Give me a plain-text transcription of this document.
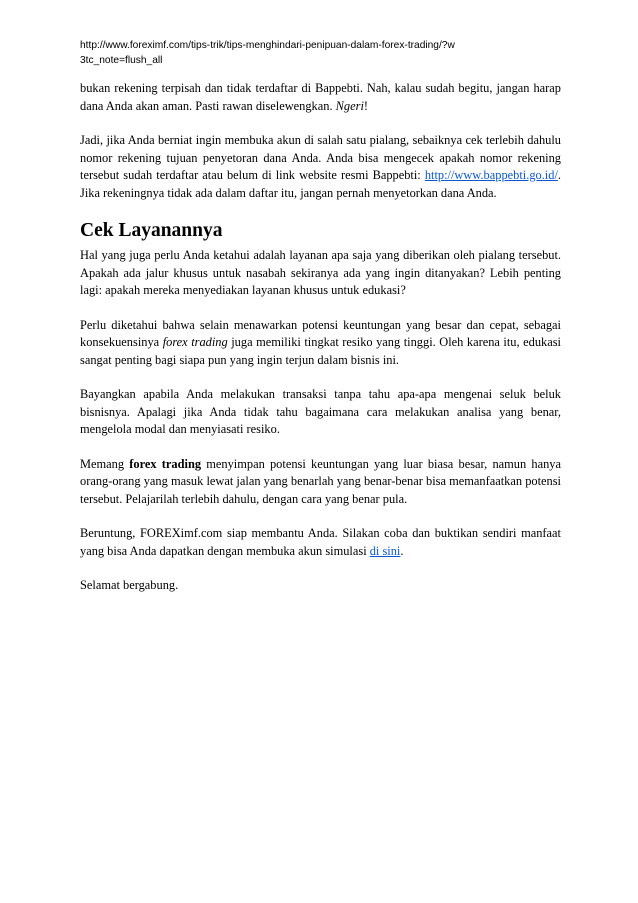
http://www.foreximf.com/tips-trik/tips-menghindari-penipuan-dalam-forex-trading/?w3tc_note=flush_all

bukan rekening terpisah dan tidak terdaftar di Bappebti. Nah, kalau sudah begitu, jangan harap dana Anda akan aman. Pasti rawan diselewengkan. Ngeri!

Jadi, jika Anda berniat ingin membuka akun di salah satu pialang, sebaiknya cek terlebih dahulu nomor rekening tujuan penyetoran dana Anda. Anda bisa mengecek apakah nomor rekening tersebut sudah terdaftar atau belum di link website resmi Bappebti: http://www.bappebti.go.id/. Jika rekeningnya tidak ada dalam daftar itu, jangan pernah menyetorkan dana Anda.

Cek Layanannya

Hal yang juga perlu Anda ketahui adalah layanan apa saja yang diberikan oleh pialang tersebut. Apakah ada jalur khusus untuk nasabah sekiranya ada yang ingin ditanyakan? Lebih penting lagi: apakah mereka menyediakan layanan khusus untuk edukasi?

Perlu diketahui bahwa selain menawarkan potensi keuntungan yang besar dan cepat, sebagai konsekuensinya forex trading juga memiliki tingkat resiko yang tinggi. Oleh karena itu, edukasi sangat penting bagi siapa pun yang ingin terjun dalam bisnis ini.

Bayangkan apabila Anda melakukan transaksi tanpa tahu apa-apa mengenai seluk beluk bisnisnya. Apalagi jika Anda tidak tahu bagaimana cara melakukan analisa yang benar, mengelola modal dan menyiasati resiko.

Memang forex trading menyimpan potensi keuntungan yang luar biasa besar, namun hanya orang-orang yang masuk lewat jalan yang benarlah yang benar-benar bisa memanfaatkan potensi tersebut. Pelajarilah terlebih dahulu, dengan cara yang benar pula.

Beruntung, FOREXimf.com siap membantu Anda. Silakan coba dan buktikan sendiri manfaat yang bisa Anda dapatkan dengan membuka akun simulasi di sini.

Selamat bergabung.
